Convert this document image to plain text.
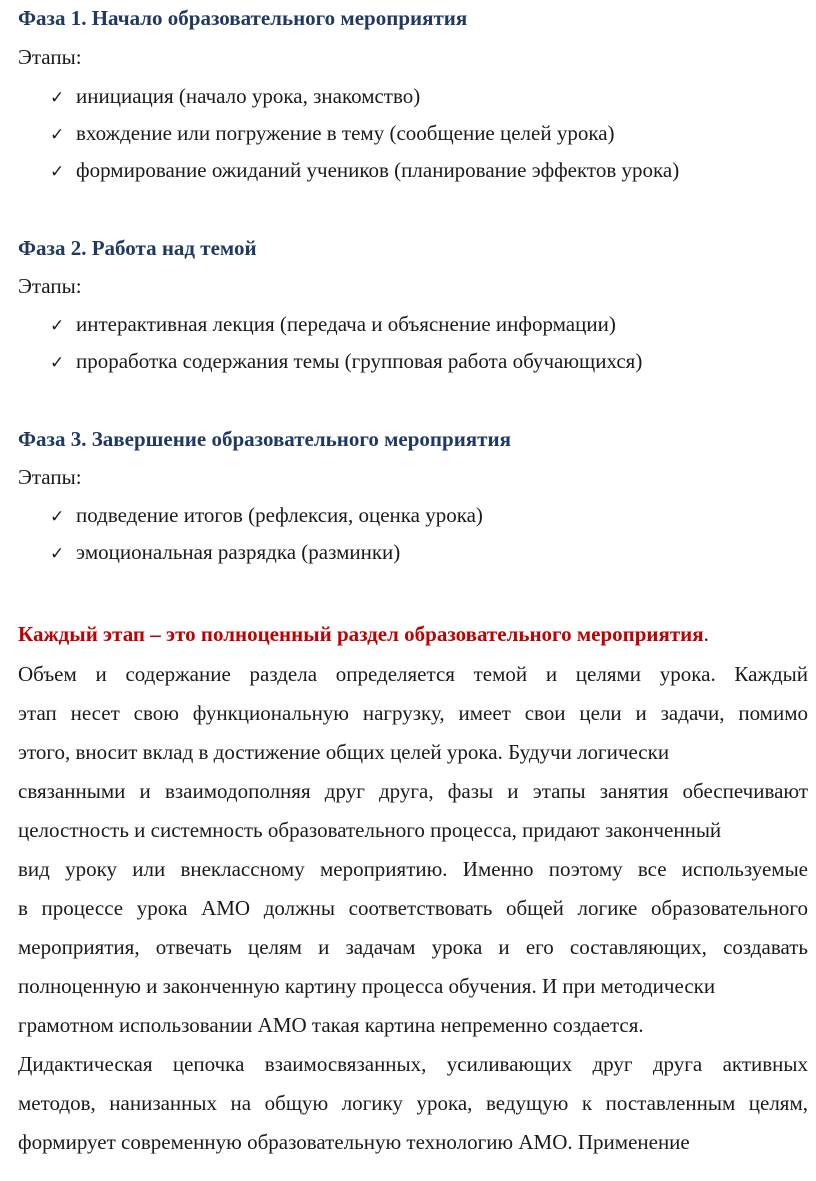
Фаза 1. Начало образовательного мероприятия
Этапы:
✓ инициация (начало урока, знакомство)
✓ вхождение или погружение в тему (сообщение целей урока)
✓ формирование ожиданий учеников (планирование эффектов урока)
Фаза 2. Работа над темой
Этапы:
✓ интерактивная лекция (передача и объяснение информации)
✓ проработка содержания темы (групповая работа обучающихся)
Фаза 3. Завершение образовательного мероприятия
Этапы:
✓ подведение итогов (рефлексия, оценка урока)
✓ эмоциональная разрядка (разминки)
Каждый этап – это полноценный раздел образовательного мероприятия.
Объем и содержание раздела определяется темой и целями урока. Каждый
этап несет свою функциональную нагрузку, имеет свои цели и задачи, помимо
этого, вносит вклад в достижение общих целей урока. Будучи логически
связанными и взаимодополняя друг друга, фазы и этапы занятия обеспечивают
целостность и системность образовательного процесса, придают законченный
вид уроку или внеклассному мероприятию. Именно поэтому все используемые
в процессе урока АМО должны соответствовать общей логике образовательного
мероприятия, отвечать целям и задачам урока и его составляющих, создавать
полноценную и законченную картину процесса обучения. И при методически
грамотном использовании АМО такая картина непременно создается.
Дидактическая цепочка взаимосвязанных, усиливающих друг друга активных
методов, нанизанных на общую логику урока, ведущую к поставленным целям,
формирует современную образовательную технологию АМО. Применение
